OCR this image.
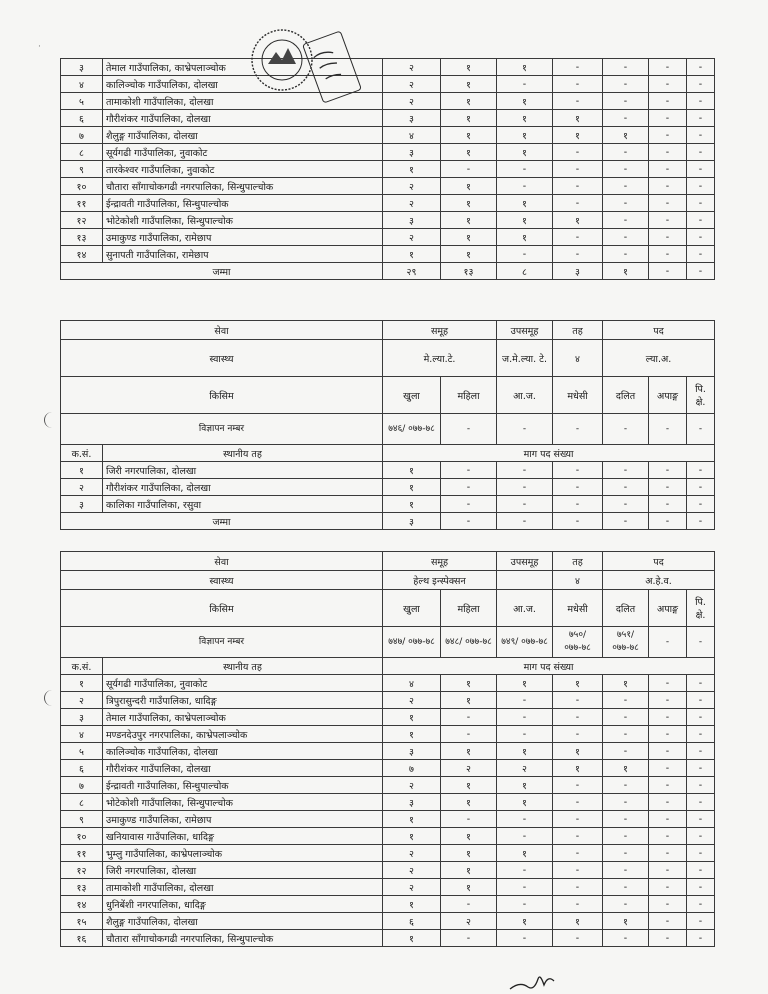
·
३	तेमाल गाउँपालिका, काभ्रेपलाञ्चोक	२	१	१	-	-	-	-
४	कालिञ्चोक गाउँपालिका, दोलखा	२	१	-	-	-	-	-
५	तामाकोशी गाउँपालिका, दोलखा	२	१	१	-	-	-	-
६	गौरीशंकर गाउँपालिका, दोलखा	३	१	१	१	-	-	-
७	शैलुङ्ग गाउँपालिका, दोलखा	४	१	१	१	१	-	-
८	सूर्यगढी गाउँपालिका, नुवाकोट	३	१	१	-	-	-	-
९	तारकेश्वर गाउँपालिका, नुवाकोट	१	-	-	-	-	-	-
१०	चौतारा साँगाचोकगढी नगरपालिका, सिन्धुपाल्चोक	२	१	-	-	-	-	-
११	ईन्द्रावती गाउँपालिका, सिन्धुपाल्चोक	२	१	१	-	-	-	-
१२	भोटेकोशी गाउँपालिका, सिन्धुपाल्चोक	३	१	१	१	-	-	-
१३	उमाकुण्ड गाउँपालिका, रामेछाप	२	१	१	-	-	-	-
१४	सुनापती गाउँपालिका, रामेछाप	१	१	-	-	-	-	-
जम्मा		२९	१३	८	३	१	-	-
सेवा		समूह		उपसमूह	तह	पद		
स्वास्थ्य		मे.ल्या.टे.		ज.मे.ल्या. टे.	४	ल्या.अ.		
किसिम		खुला	महिला	आ.ज.	मधेसी	दलित	अपाङ्ग	पि. क्षे.
विज्ञापन नम्बर		७४६/ ०७७-७८	-	-	-	-	-	-
क.सं.	स्थानीय तह	माग पद संख्या						
१	जिरी नगरपालिका, दोलखा	१	-	-	-	-	-	-
२	गौरीशंकर गाउँपालिका, दोलखा	१	-	-	-	-	-	-
३	कालिका गाउँपालिका, रसुवा	१	-	-	-	-	-	-
जम्मा		३	-	-	-	-	-	-
सेवा		समूह		उपसमूह	तह	पद		
स्वास्थ्य		हेल्थ इन्स्पेक्सन			४	अ.हे.व.		
किसिम		खुला	महिला	आ.ज.	मधेसी	दलित	अपाङ्ग	पि. क्षे.
विज्ञापन नम्बर		७४७/ ०७७-७८	७४८/ ०७७-७८	७४९/ ०७७-७८	७५०/ ०७७-७८	७५१/ ०७७-७८	-	-
क.सं.	स्थानीय तह	माग पद संख्या						
१	सूर्यगढी गाउँपालिका, नुवाकोट	४	१	१	१	१	-	-
२	त्रिपुरासुन्दरी गाउँपालिका, धादिङ्ग	२	१	-	-	-	-	-
३	तेमाल गाउँपालिका, काभ्रेपलाञ्चोक	१	-	-	-	-	-	-
४	मण्डनदेउपुर नगरपालिका, काभ्रेपलाञ्चोक	१	-	-	-	-	-	-
५	कालिञ्चोक गाउँपालिका, दोलखा	३	१	१	१	-	-	-
६	गौरीशंकर गाउँपालिका, दोलखा	७	२	२	१	१	-	-
७	ईन्द्रावती गाउँपालिका, सिन्धुपाल्चोक	२	१	१	-	-	-	-
८	भोटेकोशी गाउँपालिका, सिन्धुपाल्चोक	३	१	१	-	-	-	-
९	उमाकुण्ड गाउँपालिका, रामेछाप	१	-	-	-	-	-	-
१०	खनियावास गाउँपालिका, धादिङ्ग	१	१	-	-	-	-	-
११	भुम्लु गाउँपालिका, काभ्रेपलाञ्चोक	२	१	१	-	-	-	-
१२	जिरी नगरपालिका, दोलखा	२	१	-	-	-	-	-
१३	तामाकोशी गाउँपालिका, दोलखा	२	१	-	-	-	-	-
१४	धुनिबेंशी नगरपालिका, धादिङ्ग	१	-	-	-	-	-	-
१५	शैलुङ्ग गाउँपालिका, दोलखा	६	२	१	१	१	-	-
१६	चौतारा साँगाचोकगढी नगरपालिका, सिन्धुपाल्चोक	१	-	-	-	-	-	-
